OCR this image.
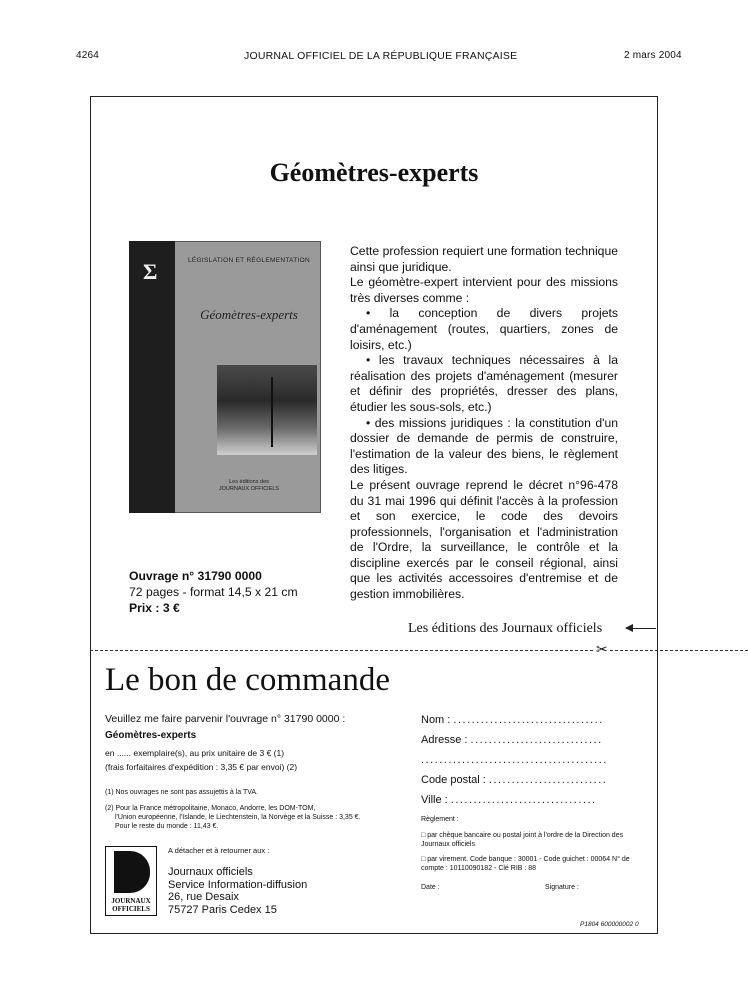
4264	JOURNAL OFFICIEL DE LA RÉPUBLIQUE FRANÇAISE	2 mars 2004
Géomètres-experts
Σ	LÉGISLATION ET RÉGLEMENTATION
Géomètres-experts
Les éditions des
JOURNAUX OFFICIELS

Cette profession requiert une formation technique ainsi que juridique.

Le géomètre-expert intervient pour des missions très diverses comme :

• la conception de divers projets d'aménagement (routes, quartiers, zones de loisirs, etc.)

• les travaux techniques nécessaires à la réalisation des projets d'aménagement (mesurer et définir des propriétés, dresser des plans, étudier les sous-sols, etc.)

• des missions juridiques : la constitution d'un dossier de demande de permis de construire, l'estimation de la valeur des biens, le règlement des litiges.

Le présent ouvrage reprend le décret n°96-478 du 31 mai 1996 qui définit l'accès à la profession et son exercice, le code des devoirs professionnels, l'organisation et l'administration de l'Ordre, la surveillance, le contrôle et la discipline exercés par le conseil régional, ainsi que les activités accessoires d'entremise et de gestion immobilières.

Ouvrage n° 31790 0000
72 pages - format 14,5 x 21 cm
Prix : 3 €
Les éditions des Journaux officiels
✂
Le bon de commande
Veuillez me faire parvenir l'ouvrage n° 31790 0000 :
Géomètres-experts
en ...... exemplaire(s), au prix unitaire de 3 € (1)
(frais forfaitaires d'expédition : 3,35 € par envoi) (2)

(1) Nos ouvrages ne sont pas assujettis à la TVA.

(2) Pour la France métropolitaine, Monaco, Andorre, les DOM-TOM,

l'Union européenne, l'Islande, le Liechtenstein, la Norvège et la Suisse : 3,35 €.

Pour le reste du monde : 11,43 €.

JOURNAUX
OFFICIELS
A détacher et à retourner aux :
Journaux officiels
Service Information-diffusion
26, rue Desaix
75727 Paris Cedex 15
Nom : .................................
Adresse : .............................
.........................................
Code postal : ..........................
Ville : ................................
Règlement :
□ par chèque bancaire ou postal joint à l'ordre de la Direction des Journaux officiels
□ par virement. Code banque : 30001 - Code guichet : 00064 N° de compte : 10110090182 - Clé RIB : 88
Date :	Signature :
P1804 600000002 0
